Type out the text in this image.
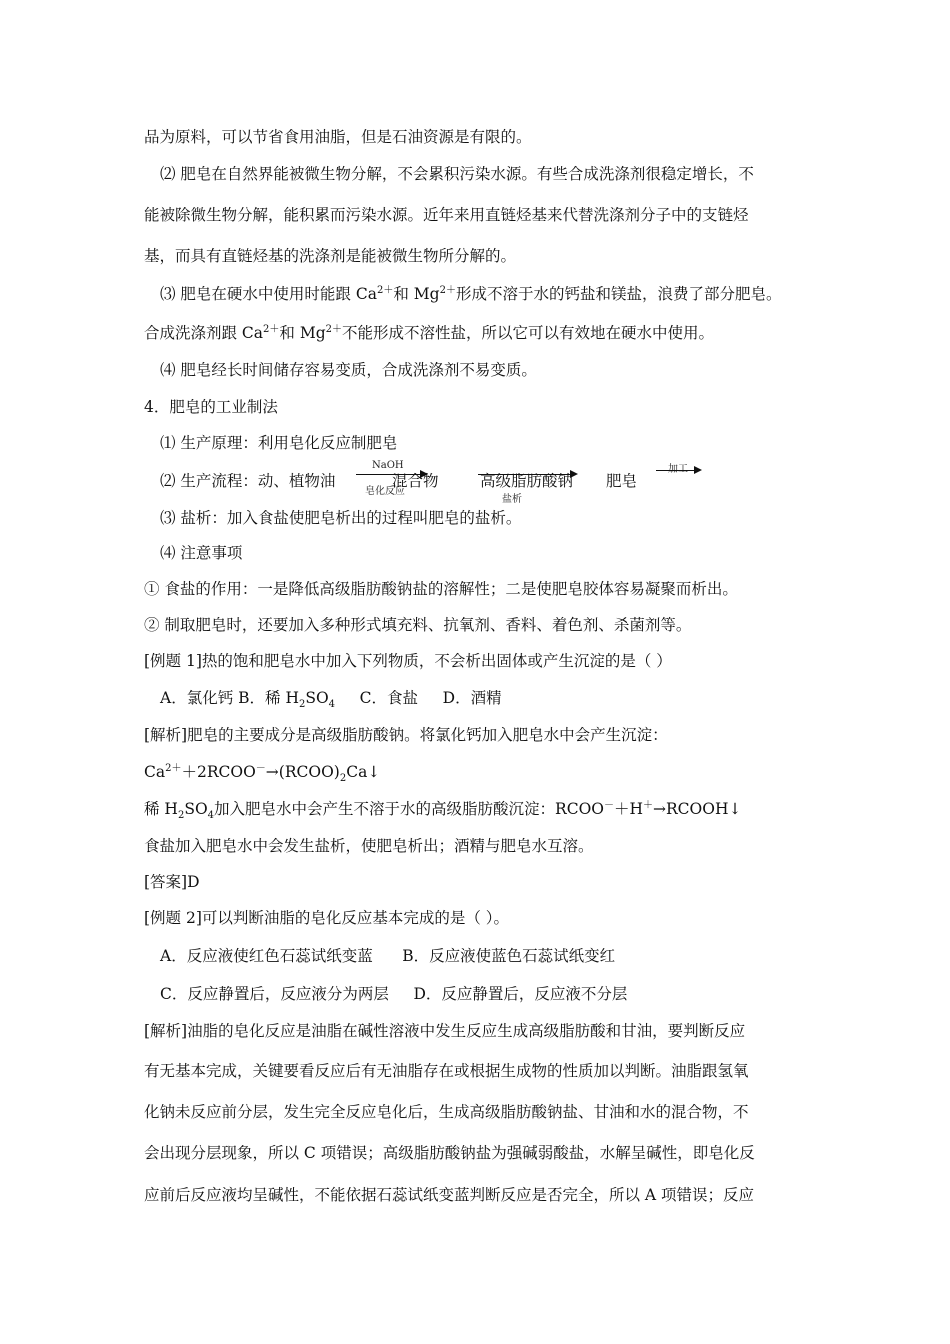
品为原料，可以节省食用油脂，但是石油资源是有限的。
⑵ 肥皂在自然界能被微生物分解，不会累积污染水源。有些合成洗涤剂很稳定增长，不
能被除微生物分解，能积累而污染水源。近年来用直链烃基来代替洗涤剂分子中的支链烃
基，而具有直链烃基的洗涤剂是能被微生物所分解的。
⑶ 肥皂在硬水中使用时能跟 $Ca^{2+}$和 $Mg^{2+}$形成不溶于水的钙盐和镁盐，浪费了部分肥皂。
合成洗涤剂跟 $Ca^{2+}$和 $Mg^{2+}$不能形成不溶性盐，所以它可以有效地在硬水中使用。
⑷ 肥皂经长时间储存容易变质，合成洗涤剂不易变质。
4．肥皂的工业制法
⑴ 生产原理：利用皂化反应制肥皂
⑵ 生产流程：动、植物油
NaOH
皂化反应
混合物	高级脂肪酸钠
盐析
肥皂
⑶ 盐析：加入食盐使肥皂析出的过程叫肥皂的盐析。
⑷ 注意事项
① 食盐的作用：一是降低高级脂肪酸钠盐的溶解性；二是使肥皂胶体容易凝聚而析出。
② 制取肥皂时，还要加入多种形式填充料、抗氧剂、香料、着色剂、杀菌剂等。
[例题 1]热的饱和肥皂水中加入下列物质，不会析出固体或产生沉淀的是（ ）
A．氯化钙 B．稀 $H_2SO_4$     C．食盐     D．酒精
[解析]肥皂的主要成分是高级脂肪酸钠。将氯化钙加入肥皂水中会产生沉淀：
$Ca^{2+}+2RCOO^-\to(RCOO)_2Ca↓$
稀 $H_2SO_4$加入肥皂水中会产生不溶于水的高级脂肪酸沉淀：RCOO－＋H＋→RCOOH↓
食盐加入肥皂水中会发生盐析，使肥皂析出；酒精与肥皂水互溶。
[答案]D
[例题 2]可以判断油脂的皂化反应基本完成的是（ ）。
A．反应液使红色石蕊试纸变蓝      B．反应液使蓝色石蕊试纸变红
C．反应静置后，反应液分为两层     D．反应静置后，反应液不分层
[解析]油脂的皂化反应是油脂在碱性溶液中发生反应生成高级脂肪酸和甘油，要判断反应
有无基本完成，关键要看反应后有无油脂存在或根据生成物的性质加以判断。油脂跟氢氧
化钠未反应前分层，发生完全反应皂化后，生成高级脂肪酸钠盐、甘油和水的混合物，不
会出现分层现象，所以 C 项错误；高级脂肪酸钠盐为强碱弱酸盐，水解呈碱性，即皂化反
应前后反应液均呈碱性，不能依据石蕊试纸变蓝判断反应是否完全，所以 A 项错误；反应
